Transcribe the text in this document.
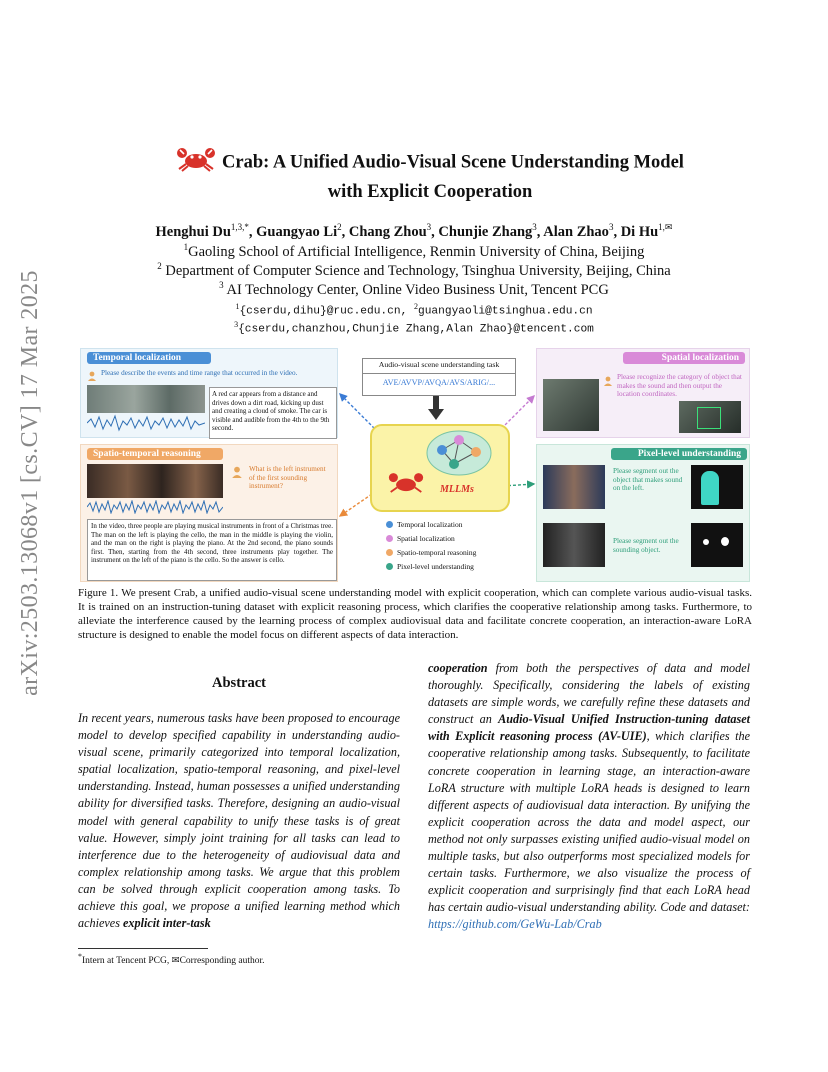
arXiv:2503.13068v1 [cs.CV] 17 Mar 2025
Crab: A Unified Audio-Visual Scene Understanding Model
with Explicit Cooperation
Henghui $Du^{1,3,*}$, Guangyao Li$^2$, Chang Zhou$^3$, Chunjie Zhang$^3$, Alan Zhao$^3$, Di $Hu^{1,✉}$
$^1$Gaoling School of Artificial Intelligence, Renmin University of China, Beijing
$^2$ Department of Computer Science and Technology, Tsinghua University, Beijing, China
$^3$ AI Technology Center, Online Video Business Unit, Tencent PCG
$^1${cserdu,dihu}@ruc.edu.cn, $^2$guangyaoli@tsinghua.edu.cn
$^3${cserdu,chanzhou,Chunjie Zhang,Alan Zhao}@tencent.com
Temporal localization
Please describe the events and time range that occurred in the video.
A red car appears from a distance and drives down a dirt road, kicking up dust and creating a cloud of smoke. The car is visible and audible from the 4th to the 9th second.
Spatio-temporal reasoning
What is the left instrument of the first sounding instrument?
In the video, three people are playing musical instruments in front of a Christmas tree. The man on the left is playing the cello, the man in the middle is playing the violin, and the man on the right is playing the piano. At the 2nd second, the piano sounds first. Then, starting from the 4th second, three instruments play together. The instrument on the left of the piano is the cello. So the answer is cello.
Audio-visual scene understanding task
AVE/AVVP/AVQA/AVS/ARIG/...
MLLMs
Temporal localization
Spatial localization
Spatio-temporal reasoning
Pixel-level understanding
Spatial localization
Please recognize the category of object that makes the sound and then output the location coordinates.
Pixel-level understanding
Please segment out the object that makes sound on the left.
Please segment out the sounding object.
Figure 1. We present Crab, a unified audio-visual scene understanding model with explicit cooperation, which can complete various audio-visual tasks. It is trained on an instruction-tuning dataset with explicit reasoning process, which clarifies the cooperative relationship among tasks. Furthermore, to alleviate the interference caused by the learning process of complex audiovisual data and facilitate concrete cooperation, an interaction-aware LoRA structure is designed to enable the model focus on different aspects of data interaction.
Abstract
In recent years, numerous tasks have been proposed to encourage model to develop specified capability in understanding audio-visual scene, primarily categorized into temporal localization, spatial localization, spatio-temporal reasoning, and pixel-level understanding. Instead, human possesses a unified understanding ability for diversified tasks. Therefore, designing an audio-visual model with general capability to unify these tasks is of great value. However, simply joint training for all tasks can lead to interference due to the heterogeneity of audiovisual data and complex relationship among tasks. We argue that this problem can be solved through explicit cooperation among tasks. To achieve this goal, we propose a unified learning method which achieves explicit inter-task
cooperation from both the perspectives of data and model thoroughly. Specifically, considering the labels of existing datasets are simple words, we carefully refine these datasets and construct an Audio-Visual Unified Instruction-tuning dataset with Explicit reasoning process (AV-UIE), which clarifies the cooperative relationship among tasks. Subsequently, to facilitate concrete cooperation in learning stage, an interaction-aware LoRA structure with multiple LoRA heads is designed to learn different aspects of audiovisual data interaction. By unifying the explicit cooperation across the data and model aspect, our method not only surpasses existing unified audio-visual model on multiple tasks, but also outperforms most specialized models for certain tasks. Furthermore, we also visualize the process of explicit cooperation and surprisingly find that each LoRA head has certain audio-visual understanding ability. Code and dataset: https://github.com/GeWu-Lab/Crab
*Intern at Tencent PCG, ✉Corresponding author.
